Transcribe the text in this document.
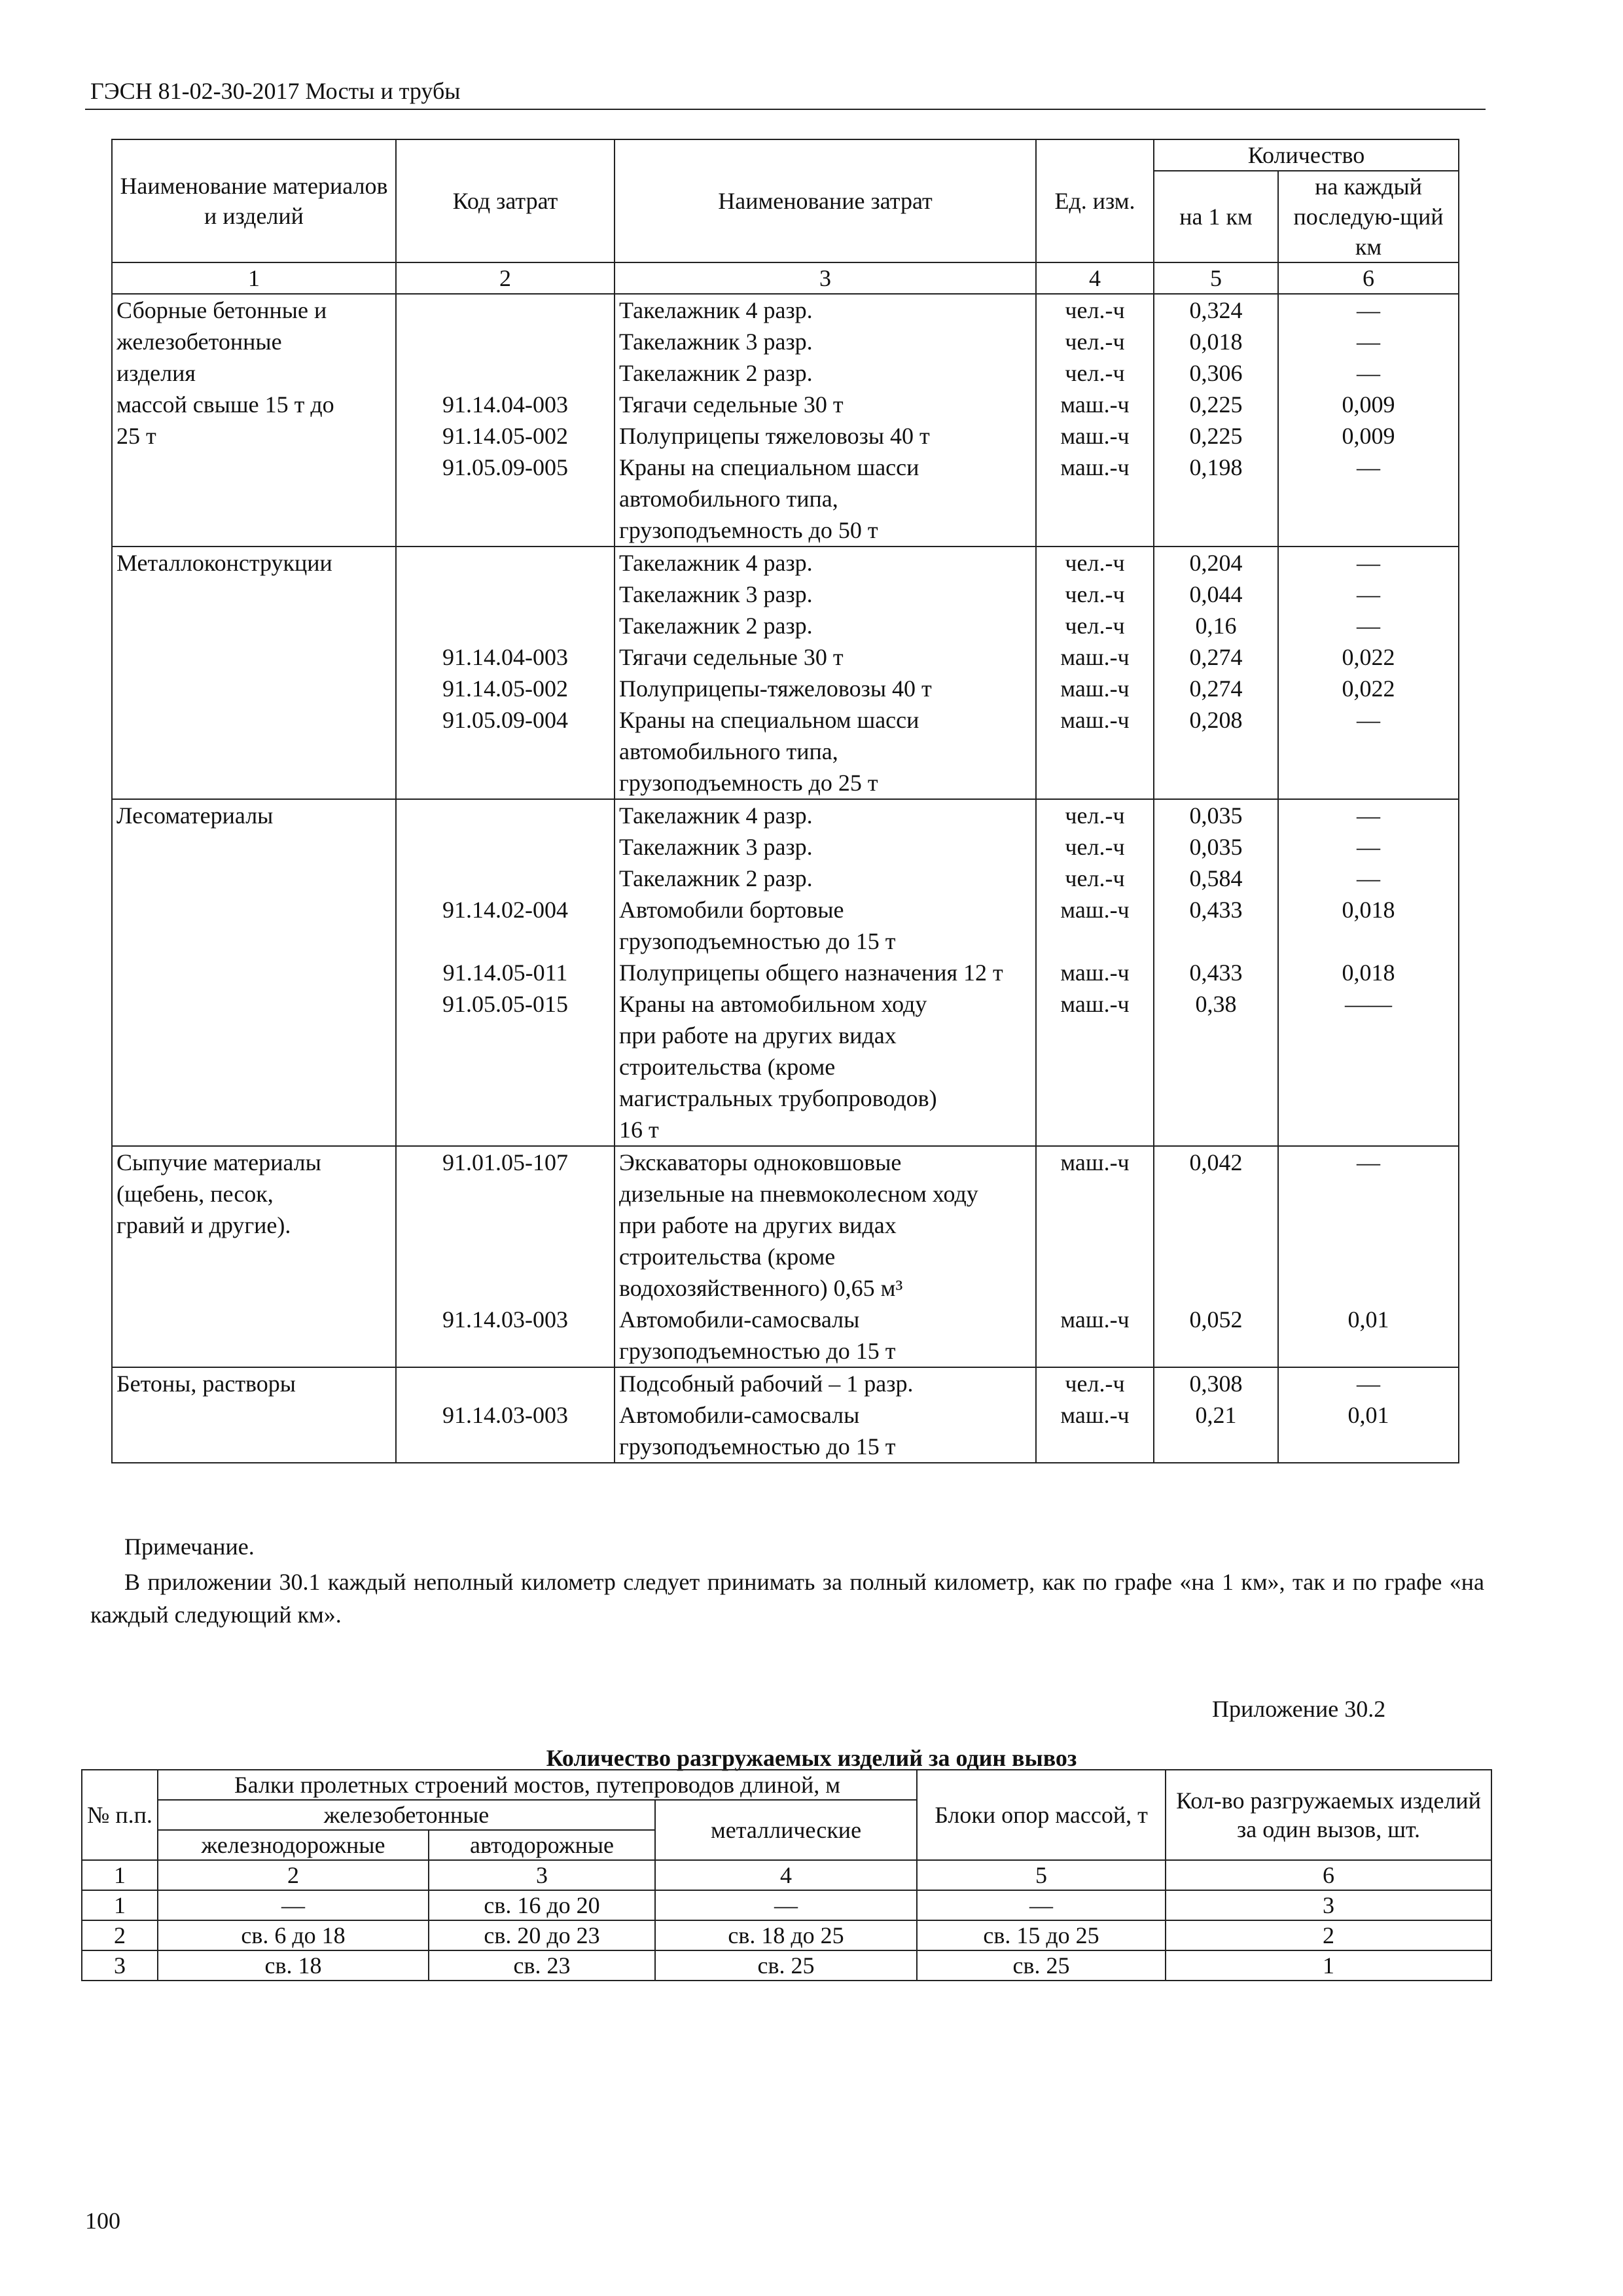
ГЭСН 81-02-30-2017 Мосты и трубы
Наименование материалов и изделий	Код затрат	Наименование затрат	Ед. изм.	Количество	
				на 1 км	на каждый последую-щий км
1	2	3	4	5	6
Сборные бетонные и
железобетонные
изделия
массой свыше 15 т до
25 т		Такелажник 4 разр.	чел.-ч	0,324	—
		Такелажник 3 разр.	чел.-ч	0,018	—

		Такелажник 2 разр.	чел.-ч	0,306	—
	91.14.04-003	Тягачи седельные 30 т	маш.-ч	0,225	0,009
	91.14.05-002	Полуприцепы тяжеловозы 40 т	маш.-ч	0,225	0,009
	91.05.09-005	Краны на специальном шасси
автомобильного типа,
грузоподъемность до 50 т	маш.-ч	0,198	—
Металлоконструкции		Такелажник 4 разр.	чел.-ч	0,204	—
		Такелажник 3 разр.	чел.-ч	0,044	—
		Такелажник 2 разр.	чел.-ч	0,16	—
	91.14.04-003	Тягачи седельные 30 т	маш.-ч	0,274	0,022
	91.14.05-002	Полуприцепы-тяжеловозы 40 т	маш.-ч	0,274	0,022
	91.05.09-004	Краны на специальном шасси
автомобильного типа,
грузоподъемность до 25 т	маш.-ч	0,208	—
Лесоматериалы		Такелажник 4 разр.	чел.-ч	0,035	—
		Такелажник 3 разр.	чел.-ч	0,035	—
		Такелажник 2 разр.	чел.-ч	0,584	—
	91.14.02-004	Автомобили бортовые
грузоподъемностью до 15 т	маш.-ч	0,433	0,018
	91.14.05-011	Полуприцепы общего назначения 12 т	маш.-ч	0,433	0,018
	91.05.05-015	Краны на автомобильном ходу
при работе на других видах
строительства (кроме
магистральных трубопроводов)
16 т	маш.-ч	0,38	——
Сыпучие материалы
(щебень, песок,
гравий и другие).	91.01.05-107	Экскаваторы одноковшовые
дизельные на пневмоколесном ходу
при работе на других видах
строительства (кроме
водохозяйственного) 0,65 м³	маш.-ч	0,042	—
	91.14.03-003	Автомобили-самосвалы
грузоподъемностью до 15 т	маш.-ч	0,052	0,01
Бетоны, растворы		Подсобный рабочий – 1 разр.	чел.-ч	0,308	—
	91.14.03-003	Автомобили-самосвалы
грузоподъемностью до 15 т	маш.-ч	0,21	0,01
Примечание.
В приложении 30.1 каждый неполный километр следует принимать за полный километр, как по графе «на 1 км», так и по графе «на каждый следующий км».
Приложение 30.2
Количество разгружаемых изделий за один вывоз
№ п.п.	Балки пролетных строений мостов, путепроводов длиной, м			Блоки опор массой, т	Кол-во разгружаемых изделий за один вызов, шт.
	железобетонные		металлические		
	железнодорожные	автодорожные			
1	2	3	4	5	6
1	—	св. 16 до 20	—	—	3
2	св. 6 до 18	св. 20 до 23	св. 18 до 25	св. 15 до 25	2
3	св. 18	св. 23	св. 25	св. 25	1
100
